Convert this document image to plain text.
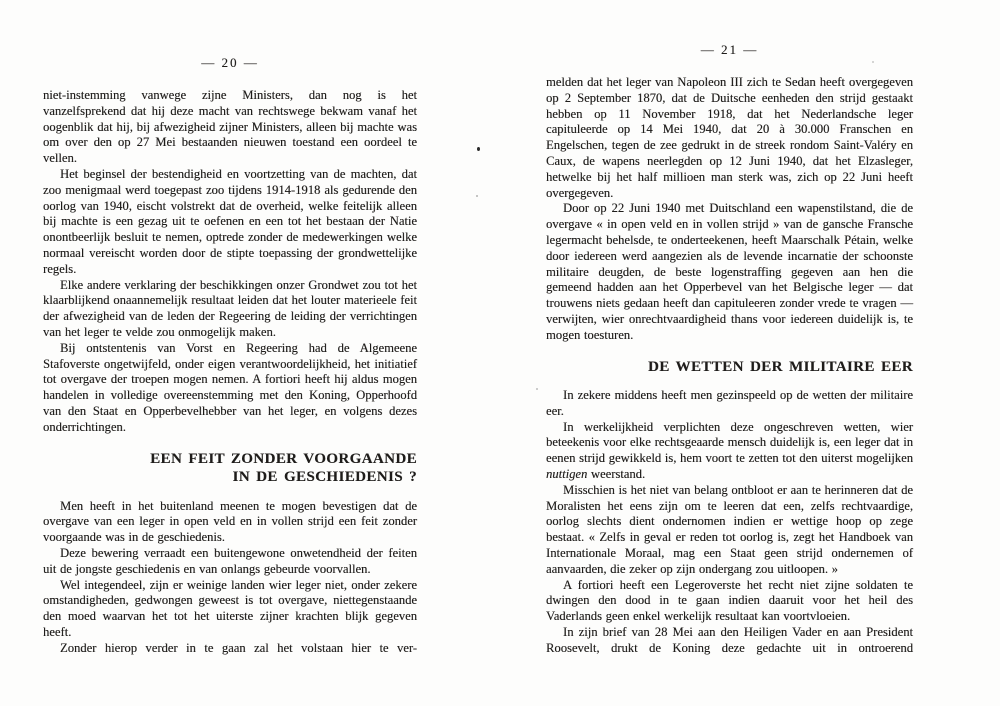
— 20 —

niet-instemming vanwege zijne Ministers, dan nog is het vanzelfsprekend dat hij deze macht van rechtswege bekwam vanaf het oogenblik dat hij, bij afwezigheid zijner Ministers, alleen bij machte was om over den op 27 Mei bestaanden nieuwen toestand een oordeel te vellen.

Het beginsel der bestendigheid en voortzetting van de machten, dat zoo menigmaal werd toegepast zoo tijdens 1914-1918 als gedurende den oorlog van 1940, eischt volstrekt dat de overheid, welke feitelijk alleen bij machte is een gezag uit te oefenen en een tot het bestaan der Natie onontbeerlijk besluit te nemen, optrede zonder de medewerkingen welke normaal vereischt worden door de stipte toepassing der grondwettelijke regels.

Elke andere verklaring der beschikkingen onzer Grondwet zou tot het klaarblijkend onaannemelijk resultaat leiden dat het louter materieele feit der afwezigheid van de leden der Regeering de leiding der verrichtingen van het leger te velde zou onmogelijk maken.

Bij ontstentenis van Vorst en Regeering had de Algemeene Stafoverste ongetwijfeld, onder eigen verantwoordelijkheid, het initiatief tot overgave der troepen mogen nemen. A fortiori heeft hij aldus mogen handelen in volledige overeenstemming met den Koning, Opperhoofd van den Staat en Opperbevelhebber van het leger, en volgens dezes onderrichtingen.

EEN FEIT ZONDER VOORGAANDE
IN DE GESCHIEDENIS ?

Men heeft in het buitenland meenen te mogen bevestigen dat de overgave van een leger in open veld en in vollen strijd een feit zonder voorgaande was in de geschiedenis.

Deze bewering verraadt een buitengewone onwetendheid der feiten uit de jongste geschiedenis en van onlangs gebeurde voorvallen.

Wel integendeel, zijn er weinige landen wier leger niet, onder zekere omstandigheden, gedwongen geweest is tot overgave, niettegenstaande den moed waarvan het tot het uiterste zijner krachten blijk gegeven heeft.

Zonder hierop verder in te gaan zal het volstaan hier te ver-

— 21 —

melden dat het leger van Napoleon III zich te Sedan heeft overgegeven op 2 September 1870, dat de Duitsche eenheden den strijd gestaakt hebben op 11 November 1918, dat het Nederlandsche leger capituleerde op 14 Mei 1940, dat 20 à 30.000 Franschen en Engelschen, tegen de zee gedrukt in de streek rondom Saint-Valéry en Caux, de wapens neerlegden op 12 Juni 1940, dat het Elzasleger, hetwelke bij het half millioen man sterk was, zich op 22 Juni heeft overgegeven.

Door op 22 Juni 1940 met Duitschland een wapenstilstand, die de overgave « in open veld en in vollen strijd » van de gansche Fransche legermacht behelsde, te onderteekenen, heeft Maarschalk Pétain, welke door iedereen werd aangezien als de levende incarnatie der schoonste militaire deugden, de beste logenstraffing gegeven aan hen die gemeend hadden aan het Opperbevel van het Belgische leger — dat trouwens niets gedaan heeft dan capituleeren zonder vrede te vragen — verwijten, wier onrechtvaardigheid thans voor iedereen duidelijk is, te mogen toesturen.

DE WETTEN DER MILITAIRE EER

In zekere middens heeft men gezinspeeld op de wetten der militaire eer.

In werkelijkheid verplichten deze ongeschreven wetten, wier beteekenis voor elke rechtsgeaarde mensch duidelijk is, een leger dat in eenen strijd gewikkeld is, hem voort te zetten tot den uiterst mogelijken nuttigen weerstand.

Misschien is het niet van belang ontbloot er aan te herinneren dat de Moralisten het eens zijn om te leeren dat een, zelfs rechtvaardige, oorlog slechts dient ondernomen indien er wettige hoop op zege bestaat. « Zelfs in geval er reden tot oorlog is, zegt het Handboek van Internationale Moraal, mag een Staat geen strijd ondernemen of aanvaarden, die zeker op zijn ondergang zou uitloopen. »

A fortiori heeft een Legeroverste het recht niet zijne soldaten te dwingen den dood in te gaan indien daaruit voor het heil des Vaderlands geen enkel werkelijk resultaat kan voortvloeien.

In zijn brief van 28 Mei aan den Heiligen Vader en aan President Roosevelt, drukt de Koning deze gedachte uit in ontroerend
